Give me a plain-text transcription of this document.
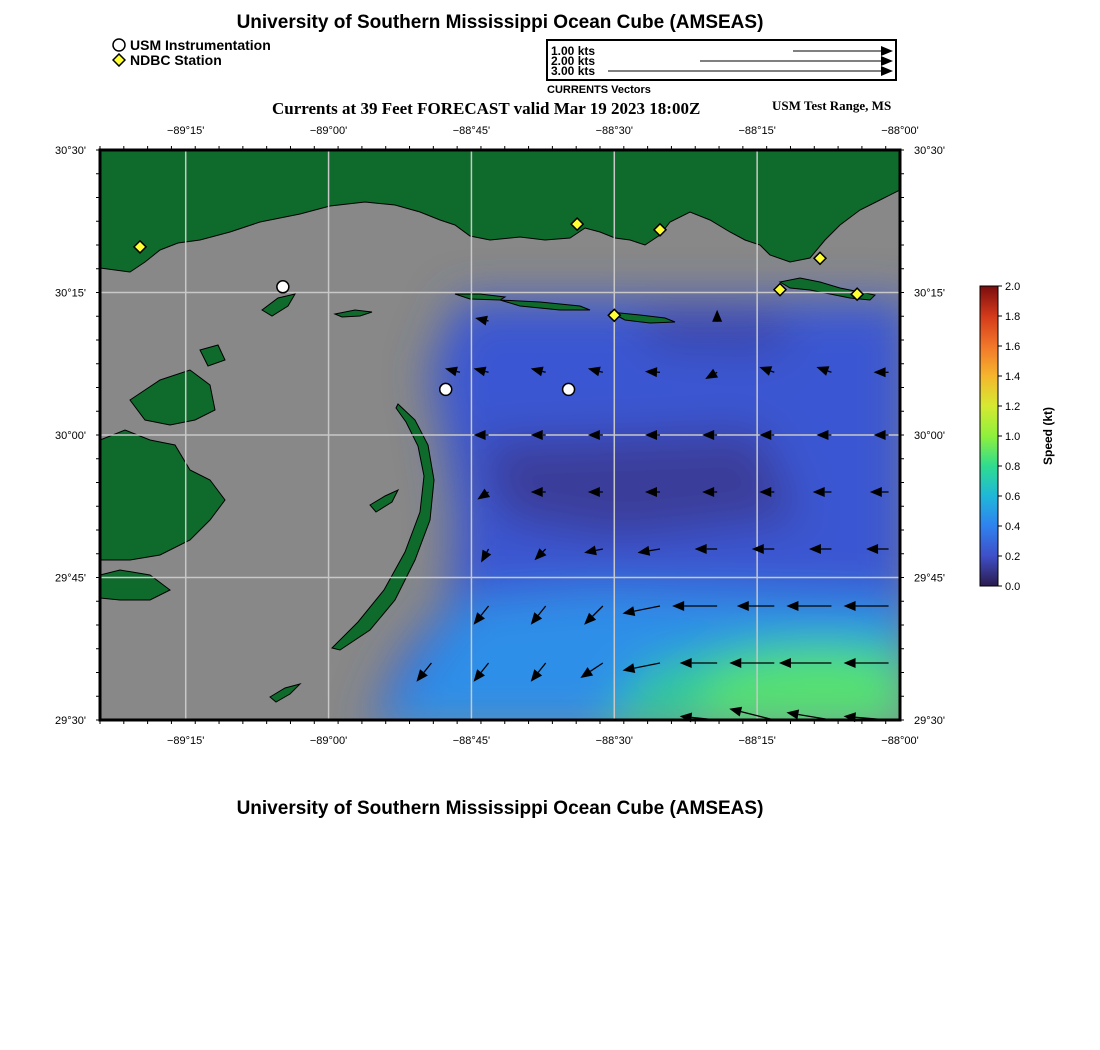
University of Southern Mississippi Ocean Cube (AMSEAS)
University of Southern Mississippi Ocean Cube (AMSEAS)
USM Instrumentation
NDBC Station
1.00 kts
2.00 kts
3.00 kts
CURRENTS Vectors
Currents at 39 Feet FORECAST valid Mar 19 2023 18:00Z	USM Test Range, MS
−89°15'
−89°15'
−89°00'
−89°00'
−88°45'
−88°45'
−88°30'
−88°30'
−88°15'
−88°15'
−88°00'
−88°00'
30°30'	30°30'
30°15'	30°15'
30°00'	30°00'
29°45'	29°45'
29°30'	29°30'
2.0
1.8
1.6
1.4
1.2
1.0
0.8
0.6
0.4
0.2
0.0
Speed (kt)
